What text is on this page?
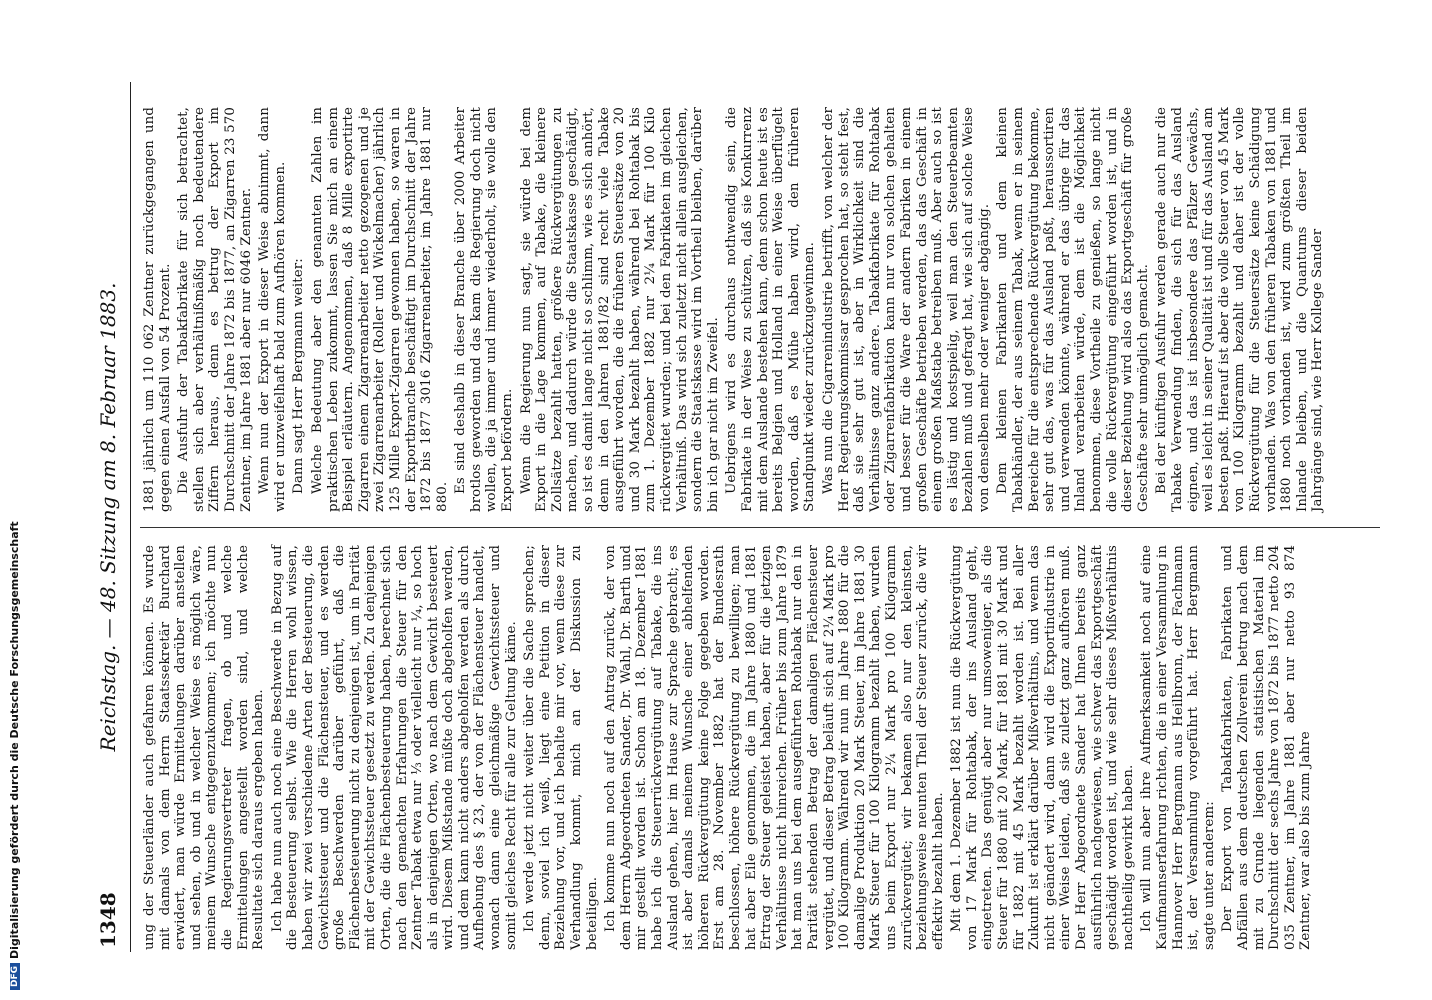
DFGDigitalisierung gefördert durch die Deutsche Forschungsgemeinschaft	1348
Reichstag. — 48. Sitzung am 8. Februar 1883. ung der Steuerländer auch gefahren können. Es wurde mit damals von dem Herrn Staatssekretär Burchard erwidert, man würde Ermittelungen darüber anstellen und sehen, ob und in welcher Weise es möglich wäre, meinem Wunsche entgegenzukommen; ich möchte nun die Regierungsvertreter fragen, ob und welche Ermittelungen angestellt worden sind, und welche Resultate sich daraus ergeben haben. Ich habe nun auch noch eine Beschwerde in Bezug auf die Besteuerung selbst. Wie die Herren wohl wissen, haben wir zwei verschiedene Arten der Besteuerung, die Gewichtssteuer und die Flächensteuer, und es werden große Beschwerden darüber geführt, daß die Flächenbesteuerung nicht zu denjenigen ist, um in Parität mit der Gewichtssteuer gesetzt zu werden. Zu denjenigen Orten, die die Flächenbesteuerung haben, berechnet sich nach den gemachten Erfahrungen die Steuer für den Zentner Tabak etwa nur ⅓ oder vielleicht nur ¼, so hoch als in denjenigen Orten, wo nach dem Gewicht besteuert wird. Diesem Mißstande müßte doch abgeholfen werden, und dem kann nicht anders abgeholfen werden als durch Aufhebung des § 23, der von der Flächensteuer handelt, wonach dann eine gleichmäßige Gewichtssteuer und somit gleiches Recht für alle zur Geltung käme. Ich werde jetzt nicht weiter über die Sache sprechen; denn, soviel ich weiß, liegt eine Petition in dieser Beziehung vor, und ich behalte mir vor, wenn diese zur Verhandlung kommt, mich an der Diskussion zu beteiligen. Ich komme nun noch auf den Antrag zurück, der von dem Herrn Abgeordneten Sander, Dr. Wahl, Dr. Barth und mir gestellt worden ist. Schon am 18. Dezember 1881 habe ich die Steuerrückvergütung auf Tabake, die ins Ausland gehen, hier im Hause zur Sprache gebracht; es ist aber damals meinem Wunsche einer abhelfenden höheren Rückvergütung keine Folge gegeben worden. Erst am 28. November 1882 hat der Bundesrath beschlossen, höhere Rückvergütung zu bewilligen; man hat aber Eile genommen, die im Jahre 1880 und 1881 Ertrag der Steuer geleistet haben, aber für die jetzigen Verhältnisse nicht hinreichen. Früher bis zum Jahre 1879 hat man uns bei dem ausgeführten Rohtabak nur den in Parität stehenden Betrag der damaligen Flächensteuer vergütet, und dieser Betrag beläuft sich auf 2¼ Mark pro 100 Kilogramm. Während wir nun im Jahre 1880 für die damalige Produktion 20 Mark Steuer, im Jahre 1881 30 Mark Steuer für 100 Kilogramm bezahlt haben, wurden uns beim Export nur 2¼ Mark pro 100 Kilogramm zurückvergütet; wir bekamen also nur den kleinsten, beziehungsweise neunten Theil der Steuer zurück, die wir effektiv bezahlt haben. Mit dem 1. Dezember 1882 ist nun die Rückvergütung von 17 Mark für Rohtabak, der ins Ausland geht, eingetreten. Das genügt aber nur umsoweniger, als die Steuer für 1880 mit 20 Mark, für 1881 mit 30 Mark und für 1882 mit 45 Mark bezahlt worden ist. Bei aller Zukunft ist erklärt darüber Mißverhältnis, und wenn das nicht geändert wird, dann wird die Exportindustrie in einer Weise leiden, daß sie zuletzt ganz aufhören muß. Der Herr Abgeordnete Sander hat Ihnen bereits ganz ausführlich nachgewiesen, wie schwer das Exportgeschäft geschädigt worden ist, und wie sehr dieses Mißverhältnis nachtheilig gewirkt haben. Ich will nun aber ihre Aufmerksamkeit noch auf eine Kaufmannserfahrung richten, die in einer Versammlung in Hannover Herr Bergmann aus Heilbronn, der Fachmann ist, der Versammlung vorgeführt hat. Herr Bergmann sagte unter anderem: Der Export von Tabakfabrikaten, Fabrikaten und Abfällen aus dem deutschen Zollverein betrug nach dem mit zu Grunde liegenden statistischen Material im Durchschnitt der sechs Jahre von 1872 bis 1877 netto 204 035 Zentner, im Jahre 1881 aber nur netto 93 874 Zentner, war also bis zum Jahre

1881 jährlich um 110 062 Zentner zurückgegangen und gegen einen Ausfall von 54 Prozent. Die Ausfuhr der Tabakfabrikate für sich betrachtet, stellen sich aber verhältnißmäßig noch bedeutendere Ziffern heraus, denn es betrug der Export im Durchschnitt der Jahre 1872 bis 1877, an Zigarren 23 570 Zentner, im Jahre 1881 aber nur 6046 Zentner. Wenn nun der Export in dieser Weise abnimmt, dann wird er unzweifelhaft bald zum Aufhören kommen. Dann sagt Herr Bergmann weiter: Welche Bedeutung aber den genannten Zahlen im praktischen Leben zukommt, lassen Sie mich an einem Beispiel erläutern. Angenommen, daß 8 Mille exportirte Zigarren einem Zigarrenarbeiter netto gezogenen und je zwei Zigarrenarbeiter (Roller und Wickelmacher) jährlich 125 Mille Export-Zigarren gewonnen haben, so waren in der Exportbranche beschäftigt im Durchschnitt der Jahre 1872 bis 1877 3016 Zigarrenarbeiter, im Jahre 1881 nur 880.

Es sind deshalb in dieser Branche über 2000 Arbeiter brotlos geworden und das kam die Regierung doch nicht wollen, die ja immer und immer wiederholt, sie wolle den Export befördern. Wenn die Regierung nun sagt, sie würde bei dem Export in die Lage kommen, auf Tabake, die kleinere Zollsätze bezahlt hatten, größere Rückvergütungen zu machen, und dadurch würde die Staatskasse geschädigt, so ist es damit lange nicht so schlimm, wie es sich anhört, denn in den Jahren 1881/82 sind recht viele Tabake ausgeführt worden, die die früheren Steuersätze von 20 und 30 Mark bezahlt haben, während bei Rohtabak bis zum 1. Dezember 1882 nur 2¼ Mark für 100 Kilo rückvergütet wurden; und bei den Fabrikaten im gleichen Verhältniß. Das wird sich zuletzt nicht allein ausgleichen, sondern die Staatskasse wird im Vortheil bleiben, darüber bin ich gar nicht im Zweifel. Uebrigens wird es durchaus nothwendig sein, die Fabrikate in der Weise zu schützen, daß sie Konkurrenz mit dem Auslande bestehen kann, denn schon heute ist es bereits Belgien und Holland in einer Weise überflügelt worden, daß es Mühe haben wird, den früheren Standpunkt wieder zurückzugewinnen. Was nun die Cigarrenindustrie betrifft, von welcher der Herr Regierungskommissar gesprochen hat, so steht fest, daß sie sehr gut ist, aber in Wirklichkeit sind die Verhältnisse ganz andere. Tabakfabrikate für Rohtabak oder Zigarrenfabrikation kann nur von solchen gehalten und besser für die Ware der andern Fabriken in einem großen Geschäfte betrieben werden, das das Geschäft in einem großen Maßstabe betreiben muß. Aber auch so ist es lästig und kostspielig, weil man den Steuerbeamten bezahlen muß und gefragt hat, wie sich auf solche Weise von denselben mehr oder weniger abgängig. Dem kleinen Fabrikanten und dem kleinen Tabakhändler, der aus seinem Tabak, wenn er in seinem Bereiche für die entsprechende Rückvergütung bekomme, sehr gut das, was für das Ausland paßt, heraussortiren und verwenden könnte, während er das übrige für das Inland verarbeiten würde, dem ist die Möglichkeit benommen, diese Vortheile zu genießen, so lange nicht die volle Rückvergütung eingeführt worden ist, und in dieser Beziehung wird also das Exportgeschäft für große Geschäfte sehr unmöglich gemacht. Bei der künftigen Ausfuhr werden gerade auch nur die Tabake Verwendung finden, die sich für das Ausland eignen, und das ist insbesondere das Pfälzer Gewächs, weil es leicht in seiner Qualität ist und für das Ausland am besten paßt. Hierauf ist aber die volle Steuer von 45 Mark von 100 Kilogramm bezahlt und daher ist der volle Rückvergütung für die Steuersätze keine Schädigung vorhanden. Was von den früheren Tabaken von 1881 und 1880 noch vorhanden ist, wird zum größten Theil im Inlande bleiben, und die Quantums dieser beiden Jahrgänge sind, wie Herr Kollege Sander
